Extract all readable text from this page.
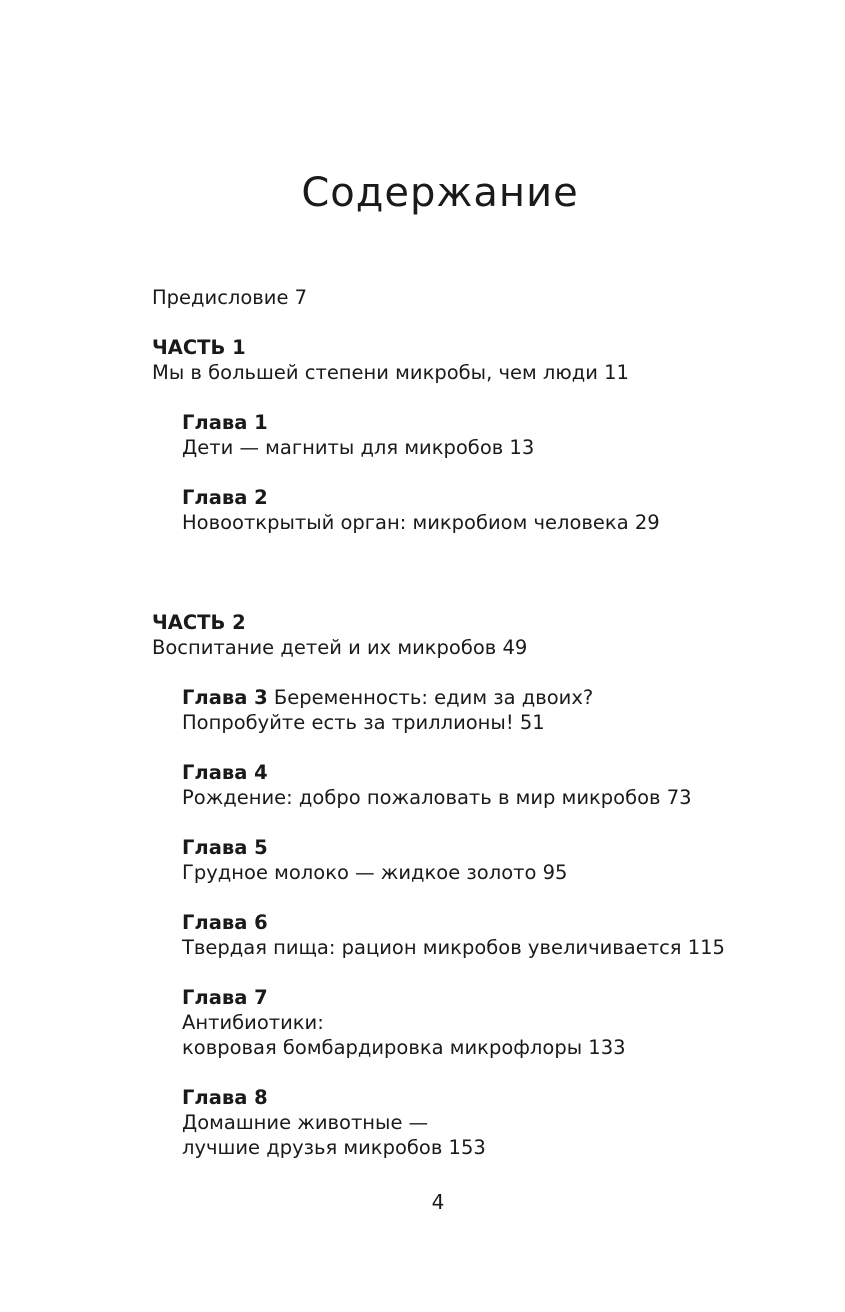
Содержание
Предисловие 7
ЧАСТЬ 1
Мы в большей степени микробы, чем люди 11
Глава 1
Дети — магниты для микробов 13
Глава 2
Новооткрытый орган: микробиом человека 29
ЧАСТЬ 2
Воспитание детей и их микробов 49
Глава 3 Беременность: едим за двоих?
Попробуйте есть за триллионы! 51
Глава 4
Рождение: добро пожаловать в мир микробов 73
Глава 5
Грудное молоко — жидкое золото 95
Глава 6
Твердая пища: рацион микробов увеличивается 115
Глава 7
Антибиотики:
ковровая бомбардировка микрофлоры 133
Глава 8
Домашние животные —
лучшие друзья микробов 153
4
